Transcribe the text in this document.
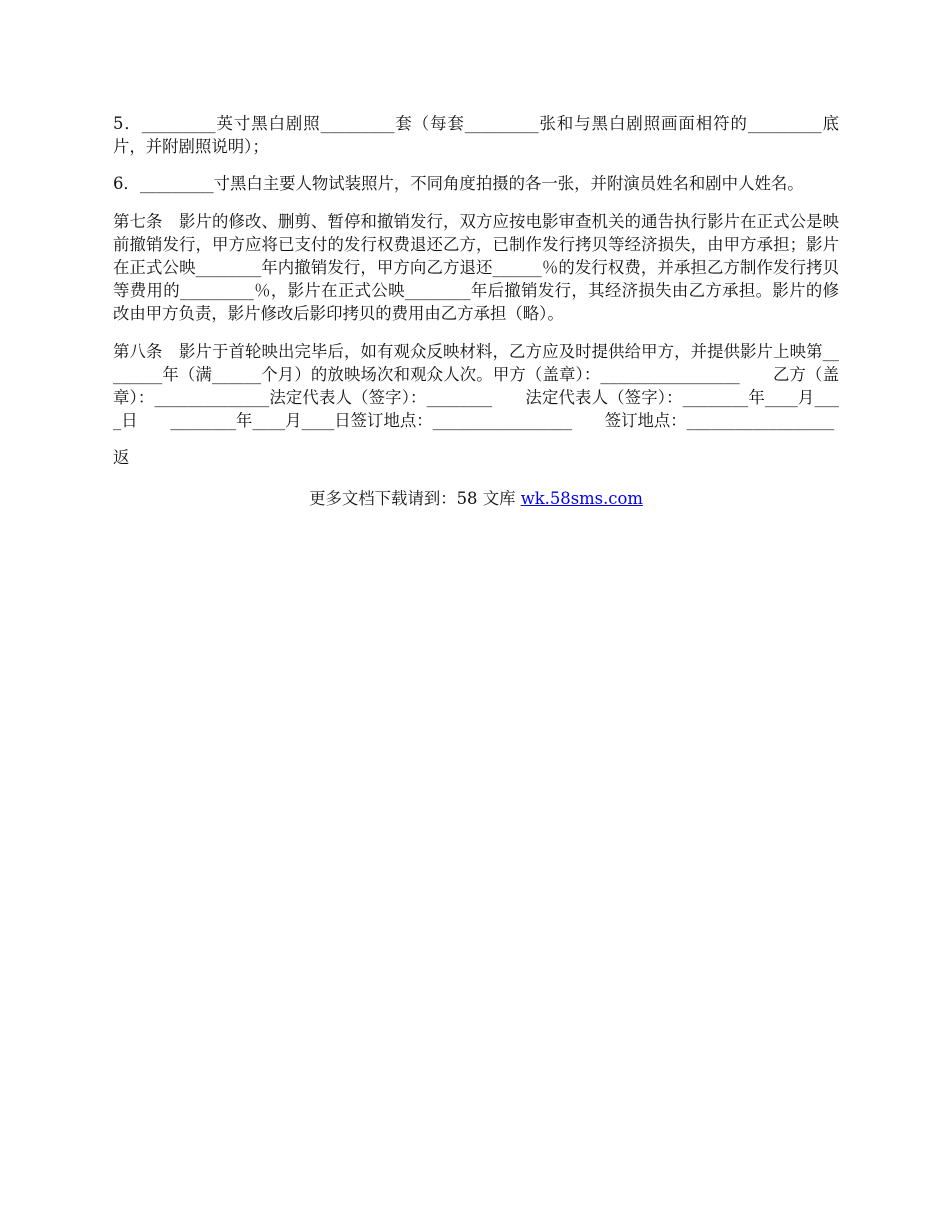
5．_________英寸黑白剧照_________套（每套_________张和与黑白剧照画面相符的_________底片，并附剧照说明）；

6．_________寸黑白主要人物试装照片，不同角度拍摄的各一张，并附演员姓名和剧中人姓名。

第七条　影片的修改、删剪、暂停和撤销发行，双方应按电影审查机关的通告执行影片在正式公是映前撤销发行，甲方应将已支付的发行权费退还乙方，已制作发行拷贝等经济损失，由甲方承担；影片在正式公映________年内撤销发行，甲方向乙方退还______％的发行权费，并承担乙方制作发行拷贝等费用的_________％，影片在正式公映________年后撤销发行，其经济损失由乙方承担。影片的修改由甲方负责，影片修改后影印拷贝的费用由乙方承担（略）。

第八条　影片于首轮映出完毕后，如有观众反映材料，乙方应及时提供给甲方，并提供影片上映第________年（满______个月）的放映场次和观众人次。甲方（盖章）：_________________　　乙方（盖章）：______________法定代表人（签字）：________　　法定代表人（签字）：________年____月____日　　________年____月____日签订地点：_________________　　签订地点：__________________

返

更多文档下载请到：58 文库 wk.58sms.com
